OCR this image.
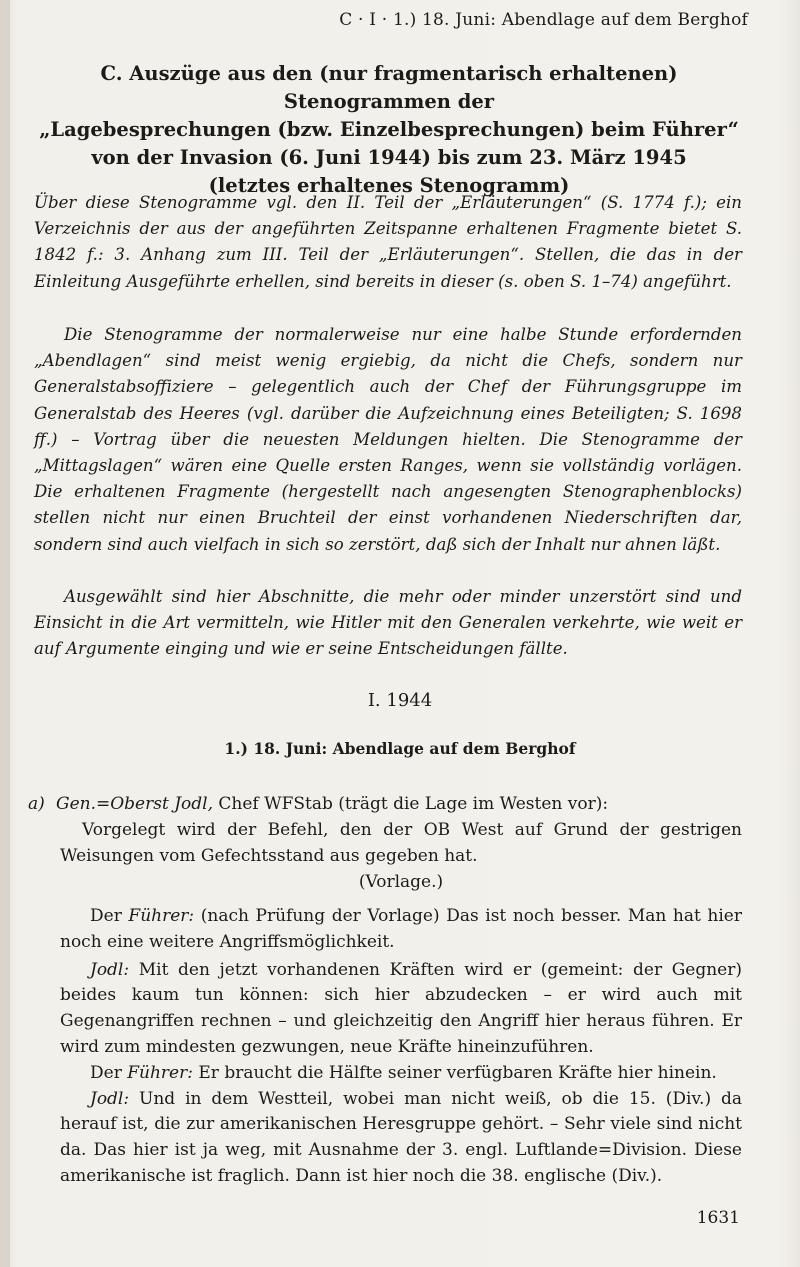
C · I · 1.) 18. Juni: Abendlage auf dem Berghof
C. Auszüge aus den (nur fragmentarisch erhaltenen) Stenogrammen der
„Lagebesprechungen (bzw. Einzelbesprechungen) beim Führer“
von der Invasion (6. Juni 1944) bis zum 23. März 1945
(letztes erhaltenes Stenogramm)

Über diese Stenogramme vgl. den II. Teil der „Erläuterungen“ (S. 1774 f.); ein Verzeichnis der aus der angeführten Zeitspanne erhaltenen Fragmente bietet S. 1842 f.: 3. Anhang zum III. Teil der „Erläuterungen“. Stellen, die das in der Einleitung Ausgeführte erhellen, sind bereits in dieser (s. oben S. 1–74) angeführt.

Die Stenogramme der normalerweise nur eine halbe Stunde erfordernden „Abendlagen“ sind meist wenig ergiebig, da nicht die Chefs, sondern nur Generalstabsoffiziere – gelegentlich auch der Chef der Führungsgruppe im Generalstab des Heeres (vgl. darüber die Aufzeichnung eines Beteiligten; S. 1698 ff.) – Vortrag über die neuesten Meldungen hielten. Die Stenogramme der „Mittagslagen“ wären eine Quelle ersten Ranges, wenn sie vollständig vorlägen. Die erhaltenen Fragmente (hergestellt nach angesengten Stenographenblocks) stellen nicht nur einen Bruchteil der einst vorhandenen Niederschriften dar, sondern sind auch vielfach in sich so zerstört, daß sich der Inhalt nur ahnen läßt.

Ausgewählt sind hier Abschnitte, die mehr oder minder unzerstört sind und Einsicht in die Art vermitteln, wie Hitler mit den Generalen verkehrte, wie weit er auf Argumente einging und wie er seine Entscheidungen fällte.

I. 1944
1.) 18. Juni: Abendlage auf dem Berghof
a) Gen.=Oberst Jodl, Chef WFStab (trägt die Lage im Westen vor):

Vorgelegt wird der Befehl, den der OB West auf Grund der gestrigen Weisungen vom Gefechtsstand aus gegeben hat.

(Vorlage.)

Der Führer: (nach Prüfung der Vorlage) Das ist noch besser. Man hat hier noch eine weitere Angriffsmöglichkeit.

Jodl: Mit den jetzt vorhandenen Kräften wird er (gemeint: der Gegner) beides kaum tun können: sich hier abzudecken – er wird auch mit Gegenangriffen rechnen – und gleichzeitig den Angriff hier heraus führen. Er wird zum mindesten gezwungen, neue Kräfte hineinzuführen.

Der Führer: Er braucht die Hälfte seiner verfügbaren Kräfte hier hinein.

Jodl: Und in dem Westteil, wobei man nicht weiß, ob die 15. (Div.) da herauf ist, die zur amerikanischen Heresgruppe gehört. – Sehr viele sind nicht da. Das hier ist ja weg, mit Ausnahme der 3. engl. Luftlande=Division. Diese amerikanische ist fraglich. Dann ist hier noch die 38. englische (Div.).

1631
